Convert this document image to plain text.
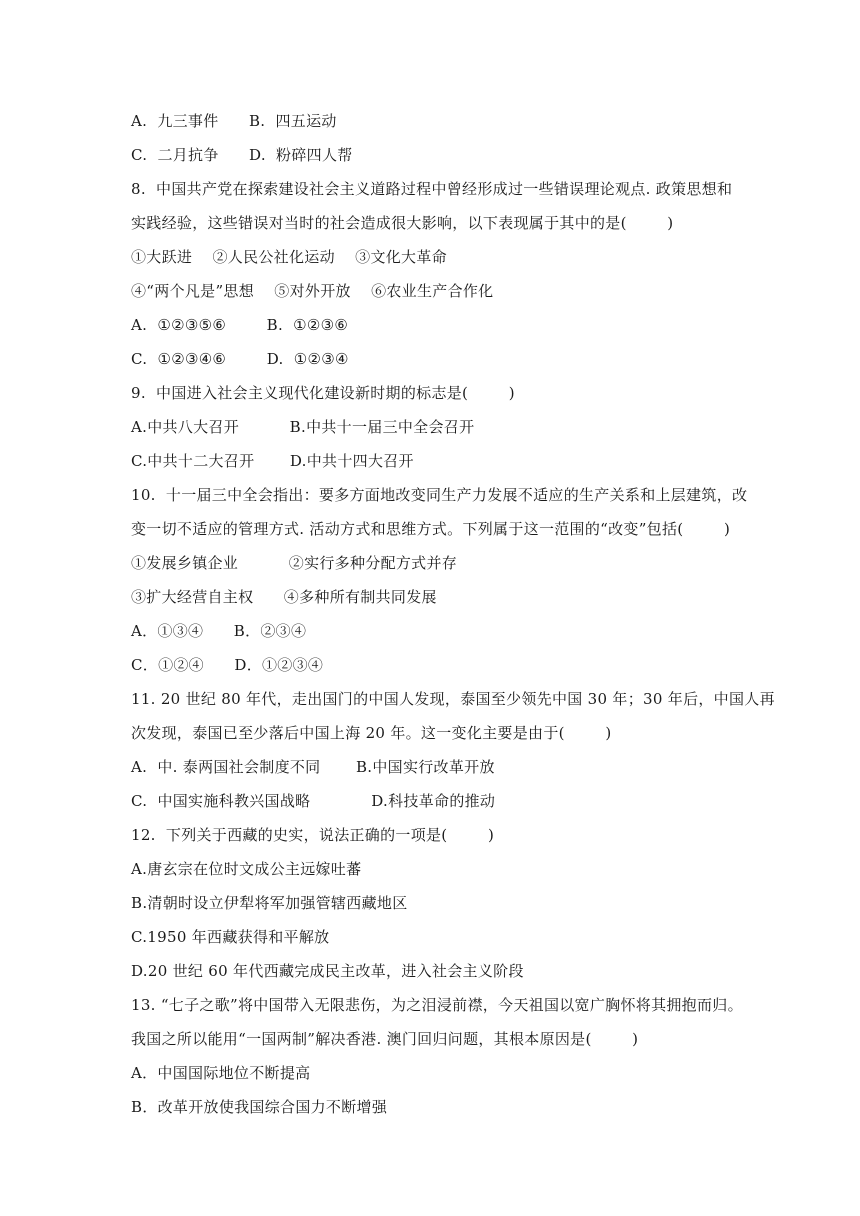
A.  九三事件      B.  四五运动
C.  二月抗争      D.  粉碎四人帮
8.  中国共产党在探索建设社会主义道路过程中曾经形成过一些错误理论观点. 政策思想和
实践经验，这些错误对当时的社会造成很大影响，以下表现属于其中的是(        )
①大跃进    ②人民公社化运动    ③文化大革命
④“两个凡是”思想    ⑤对外开放    ⑥农业生产合作化
A.  ①②③⑤⑥        B.  ①②③⑥
C.  ①②③④⑥        D.  ①②③④
9.  中国进入社会主义现代化建设新时期的标志是(        )
A.中共八大召开          B.中共十一届三中全会召开
C.中共十二大召开       D.中共十四大召开
10.  十一届三中全会指出：要多方面地改变同生产力发展不适应的生产关系和上层建筑，改
变一切不适应的管理方式. 活动方式和思维方式。下列属于这一范围的“改变”包括(        )
①发展乡镇企业          ②实行多种分配方式并存
③扩大经营自主权      ④多种所有制共同发展
A．①③④      B．②③④
C．①②④      D．①②③④
11. 20 世纪 80 年代，走出国门的中国人发现，泰国至少领先中国 30 年；30 年后，中国人再
次发现，泰国已至少落后中国上海 20 年。这一变化主要是由于(        )
A.  中. 泰两国社会制度不同       B.中国实行改革开放
C.  中国实施科教兴国战略            D.科技革命的推动
12.  下列关于西藏的史实，说法正确的一项是(        )
A.唐玄宗在位时文成公主远嫁吐蕃
B.清朝时设立伊犁将军加强管辖西藏地区
C.1950 年西藏获得和平解放
D.20 世纪 60 年代西藏完成民主改革，进入社会主义阶段
13. “七子之歌”将中国带入无限悲伤，为之泪浸前襟，今天祖国以宽广胸怀将其拥抱而归。
我国之所以能用“一国两制”解决香港. 澳门回归问题，其根本原因是(        )
A．中国国际地位不断提高
B．改革开放使我国综合国力不断增强
